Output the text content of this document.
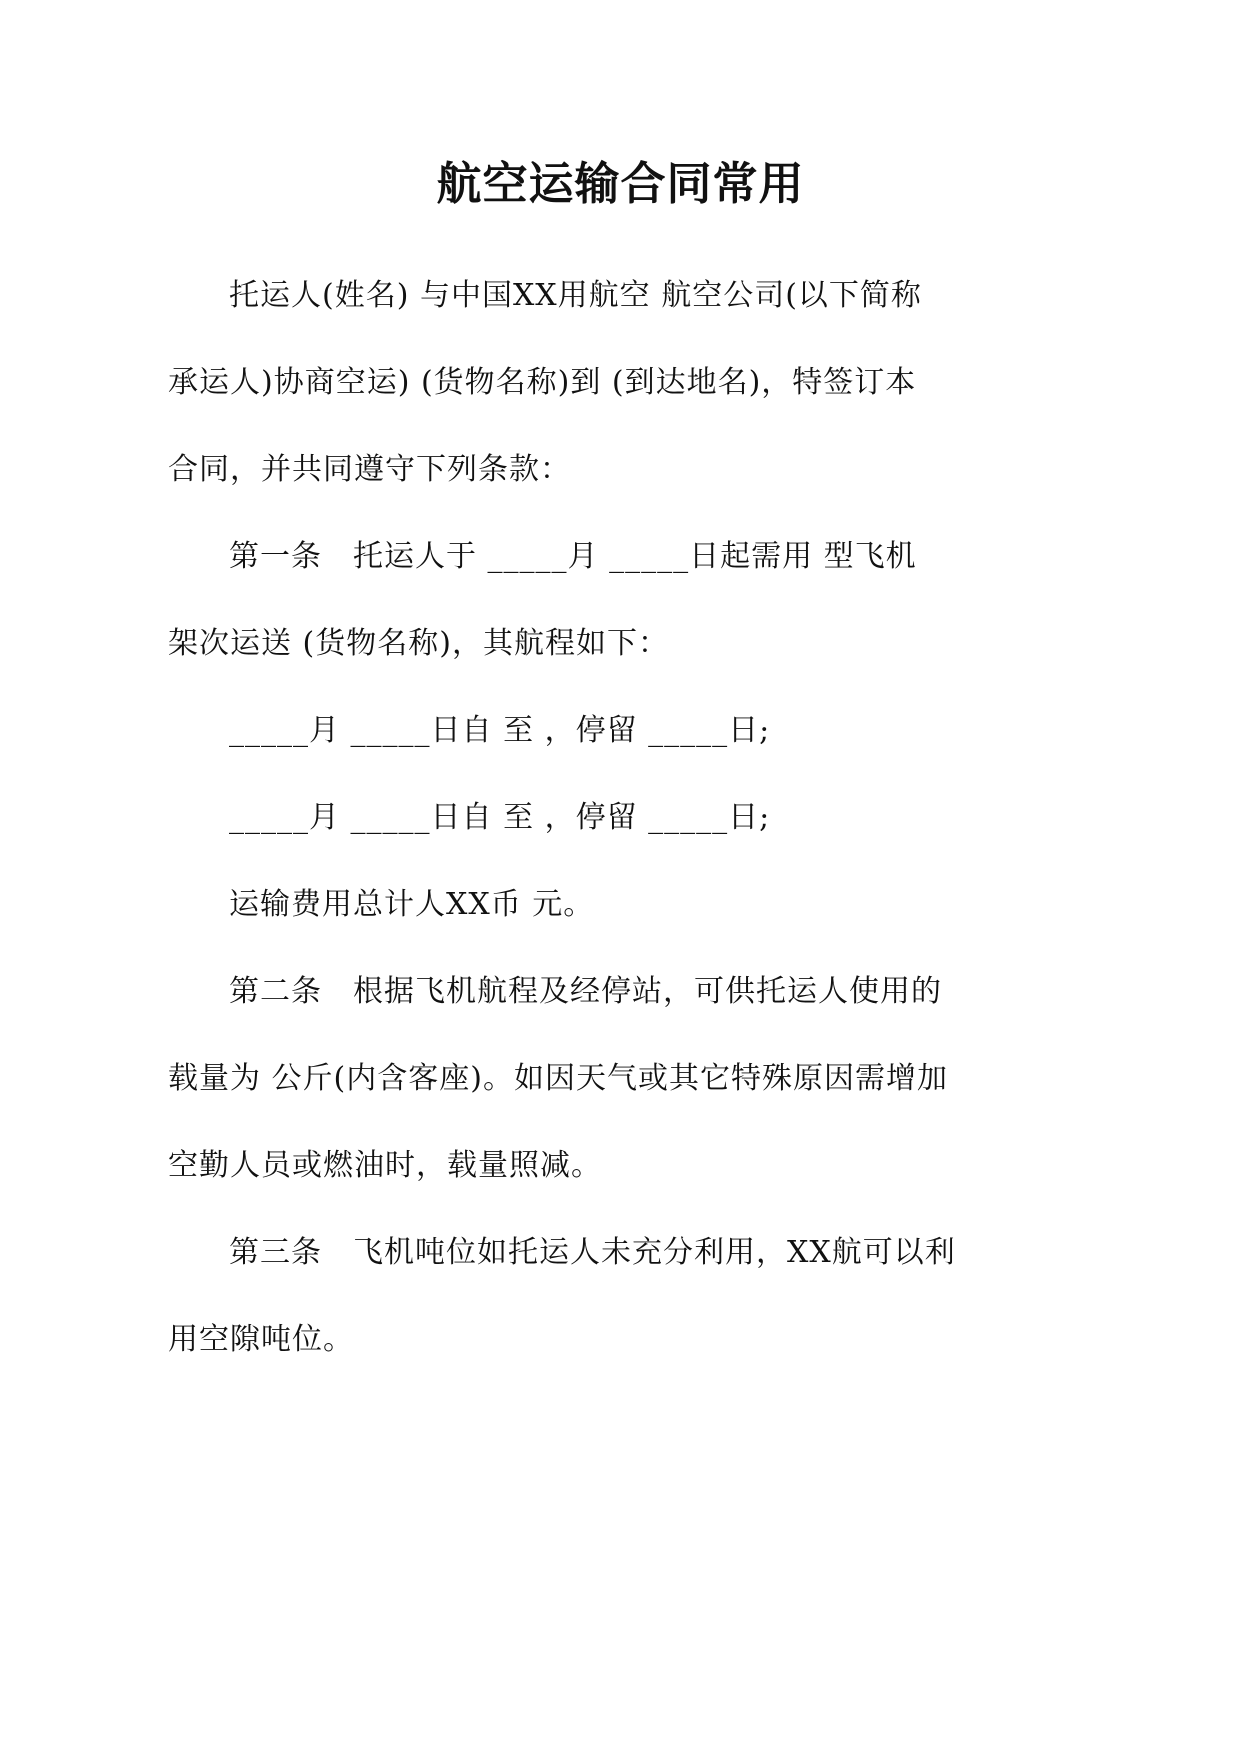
航空运输合同常用

托运人(姓名) 与中国XX用航空 航空公司(以下简称

承运人)协商空运) (货物名称)到 (到达地名)，特签订本

合同，并共同遵守下列条款：

第一条　托运人于 _____月 _____日起需用 型飞机

架次运送 (货物名称)，其航程如下：

_____月 _____日自 至 ，停留 _____日;

_____月 _____日自 至 ，停留 _____日;

运输费用总计人XX币 元。

第二条　根据飞机航程及经停站，可供托运人使用的

载量为 公斤(内含客座)。如因天气或其它特殊原因需增加

空勤人员或燃油时，载量照减。

第三条　飞机吨位如托运人未充分利用，XX航可以利

用空隙吨位。
